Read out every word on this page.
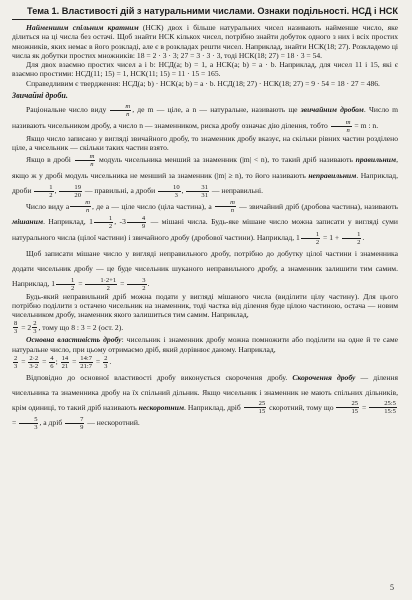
Тема 1. Властивості дій з натуральними числами. Ознаки подільності. НСД і НСК

Найменшим спільним кратним (НСК) двох і більше натуральних чисел називають найменше число, яке ділиться на ці числа без остачі. Щоб знайти НСК кількох чисел, потрібно знайти добуток одного з них і всіх простих множників, яких немає в його розкладі, але є в розкладах решти чисел. Наприклад, знайти НСК(18; 27). Розкладемо ці числа як добутки простих множників: 18 = 2 · 3 · 3; 27 = 3 · 3 · 3, тоді НСК(18; 27) = 18 · 3 = 54.

Для двох взаємно простих чисел a і b: НСД(a; b) = 1, а НСК(a; b) = a · b. Наприклад, для чисел 11 і 15, які є взаємно простими: НСД(11; 15) = 1, НСК(11; 15) = 11 · 15 = 165.

Справедливим є твердження: НСД(a; b) · НСК(a; b) = a · b. НСД(18; 27) · НСК(18; 27) = 9 · 54 = 18 · 27 = 486.

Звичайні дроби.

Раціональне число виду $\frac{m}{n}$ , де m — ціле, а n — натуральне, називають ще звичайним дробом. Число m називають чисельником дробу, а число n — знаменником, риска дробу означає дію ділення, тобто $\frac{m}{n} = m$ : n.

Якщо число записано у вигляді звичайного дробу, то знаменник дробу вказує, на скільки рівних частин розділено ціле, а чисельник — скільки таких частин взято.

Якщо в дробі $\frac{m}{n}$ модуль чисельника менший за знаменник (|m| < n), то такий дріб називають правильним, якщо ж у дробі модуль чисельника не менший за знаменник (|m| ≥ n), то його називають неправильним. Наприклад, дроби $\frac{1}{2}$ , $\frac{19}{20}$ — правильні, а дроби $\frac{10}{3}$ , $\frac{31}{31}$ — неправильні.

Число виду a $\frac{m}{n}$ , де a — ціле число (ціла частина), а $\frac{m}{n}$ — звичайний дріб (дробова частина), називають мішаним. Наприклад, $1 \frac{1}{2}$ , $-3 \frac{4}{9}$ — мішані числа. Будь-яке мішане число можна записати у вигляді суми натурального числа (цілої частини) і звичайного дробу (дробової частини). Наприклад, $1 \frac{1}{2} = 1 + \frac{1}{2}$ .

Щоб записати мішане число у вигляді неправильного дробу, потрібно до добутку цілої частини і знаменника додати чисельник дробу — це буде чисельник шуканого неправильного дробу, а знаменник залишити тим самим. Наприклад, $1 \frac{1}{2} = \frac{1\cdot 2+1}{2} = \frac{3}{2}$ .

Будь-який неправильний дріб можна подати у вигляді мішаного числа (виділити цілу частину). Для цього потрібно поділити з остачею чисельник на знаменник, тоді частка від ділення буде цілою частиною, остача — новим чисельником дробу, знаменник якого залишиться тим самим. Наприклад,

$\frac{8}{3} = 2 \frac{2}{3}$ , тому що 8 : 3 = 2 (ост. 2).

Основна властивість дробу: чисельник і знаменник дробу можна помножити або поділити на одне й те саме натуральне число, при цьому отримаємо дріб, який дорівнює даному. Наприклад,

$\frac{2}{3} = \frac{2\cdot 2}{3\cdot 2} = \frac{4}{6}$ ; $\frac{14}{21} = \frac{14:7}{21:7} = \frac{2}{3}$ .

Відповідно до основної властивості дробу виконується скорочення дробу. Скорочення дробу — ділення чисельника та знаменника дробу на їх спільний дільник. Якщо чисельник і знаменник не мають спільних дільників, крім одиниці, то такий дріб називають нескоротним. Наприклад, дріб $\frac{25}{15}$ скоротний, тому що $\frac{25}{15} = \frac{25:5}{15:5}$
= $\frac{5}{3}$ , а дріб $\frac{7}{9}$ — нескоротний.

5
